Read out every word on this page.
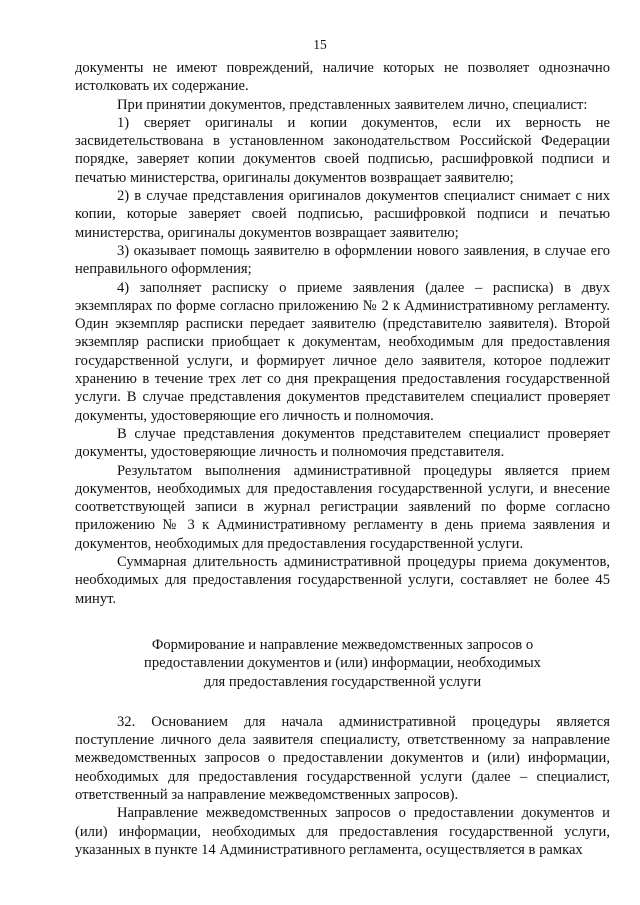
15

документы не имеют повреждений, наличие которых не позволяет однозначно истолковать их содержание.

При принятии документов, представленных заявителем лично, специалист:

1) сверяет оригиналы и копии документов, если их верность не засвидетельствована в установленном законодательством Российской Федерации порядке, заверяет копии документов своей подписью, расшифровкой подписи и печатью министерства, оригиналы документов возвращает заявителю;

2) в случае представления оригиналов документов специалист снимает с них копии, которые заверяет своей подписью, расшифровкой подписи и печатью министерства, оригиналы документов возвращает заявителю;

3) оказывает помощь заявителю в оформлении нового заявления, в случае его неправильного оформления;

4) заполняет расписку о приеме заявления (далее – расписка) в двух экземплярах по форме согласно приложению № 2 к Административному регламенту. Один экземпляр расписки передает заявителю (представителю заявителя). Второй экземпляр расписки приобщает к документам, необходимым для предоставления государственной услуги, и формирует личное дело заявителя, которое подлежит хранению в течение трех лет со дня прекращения предоставления государственной услуги. В случае представления документов представителем специалист проверяет документы, удостоверяющие его личность и полномочия.

В случае представления документов представителем специалист проверяет документы, удостоверяющие личность и полномочия представителя.

Результатом выполнения административной процедуры является прием документов, необходимых для предоставления государственной услуги, и внесение соответствующей записи в журнал регистрации заявлений по форме согласно приложению № 3 к Административному регламенту в день приема заявления и документов, необходимых для предоставления государственной услуги.

Суммарная длительность административной процедуры приема документов, необходимых для предоставления государственной услуги, составляет не более 45 минут.

Формирование и направление межведомственных запросов о
предоставлении документов и (или) информации, необходимых
для предоставления государственной услуги

32. Основанием для начала административной процедуры является поступление личного дела заявителя специалисту, ответственному за направление межведомственных запросов о предоставлении документов и (или) информации, необходимых для предоставления государственной услуги (далее – специалист, ответственный за направление межведомственных запросов).

Направление межведомственных запросов о предоставлении документов и (или) информации, необходимых для предоставления государственной услуги, указанных в пункте 14 Административного регламента, осуществляется в рамках
